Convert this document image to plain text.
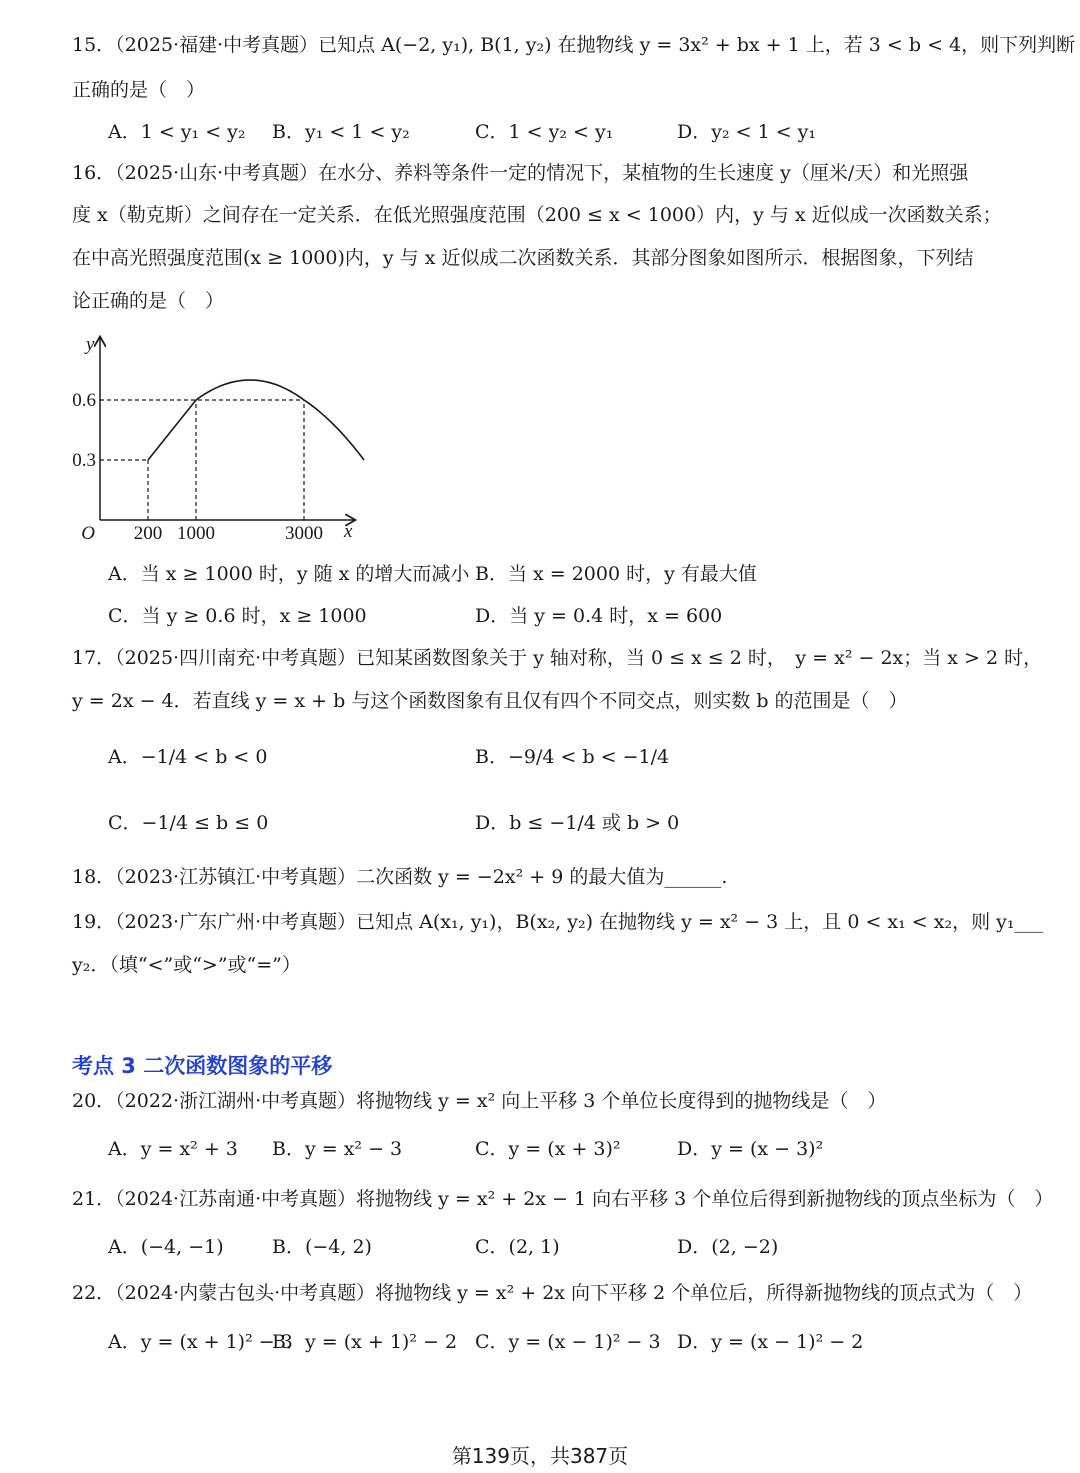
15．（2025·福建·中考真题）已知点 A(−2, y₁), B(1, y₂) 在抛物线 y = 3x² + bx + 1 上，若 3 < b < 4，则下列判断
正确的是（　）
A．1 < y₁ < y₂ B．y₁ < 1 < y₂	C．1 < y₂ < y₁	D．y₂ < 1 < y₁
16．（2025·山东·中考真题）在水分、养料等条件一定的情况下，某植物的生长速度 y（厘米/天）和光照强
度 x（勒克斯）之间存在一定关系．在低光照强度范围（200 ≤ x < 1000）内，y 与 x 近似成一次函数关系；
在中高光照强度范围(x ≥ 1000)内，y 与 x 近似成二次函数关系．其部分图象如图所示．根据图象，下列结
论正确的是（　）
200 1000	3000
0.3
0.6
O	x
y
A．当 x ≥ 1000 时，y 随 x 的增大而减小 B．当 x = 2000 时，y 有最大值
C．当 y ≥ 0.6 时，x ≥ 1000	D．当 y = 0.4 时，x = 600
17．（2025·四川南充·中考真题）已知某函数图象关于 y 轴对称，当 0 ≤ x ≤ 2 时，　y = x² − 2x；当 x > 2 时，
y = 2x − 4．若直线 y = x + b 与这个函数图象有且仅有四个不同交点，则实数 b 的范围是（　）
A．−1/4 < b < 0	B．−9/4 < b < −1/4
C．−1/4 ≤ b ≤ 0	D．b ≤ −1/4 或 b > 0
18．（2023·江苏镇江·中考真题）二次函数 y = −2x² + 9 的最大值为______.
19．（2023·广东广州·中考真题）已知点 A(x₁, y₁)，B(x₂, y₂) 在抛物线 y = x² − 3 上，且 0 < x₁ < x₂，则 y₁___
y₂．（填“<”或“>”或“=”）
考点 3 二次函数图象的平移
20．（2022·浙江湖州·中考真题）将抛物线 y = x² 向上平移 3 个单位长度得到的抛物线是（　）
A．y = x² + 3 B．y = x² − 3	C．y = (x + 3)²	D．y = (x − 3)²
21．（2024·江苏南通·中考真题）将抛物线 y = x² + 2x − 1 向右平移 3 个单位后得到新抛物线的顶点坐标为（　）
A．(−4, −1)	B．(−4, 2)	C．(2, 1)	D．(2, −2)
22．（2024·内蒙古包头·中考真题）将抛物线 y = x² + 2x 向下平移 2 个单位后，所得新抛物线的顶点式为（　）
A．y = (x + 1)² − 3
B．y = (x + 1)² − 2 C．y = (x − 1)² − 3 D．y = (x − 1)² − 2
第139页，共387页
